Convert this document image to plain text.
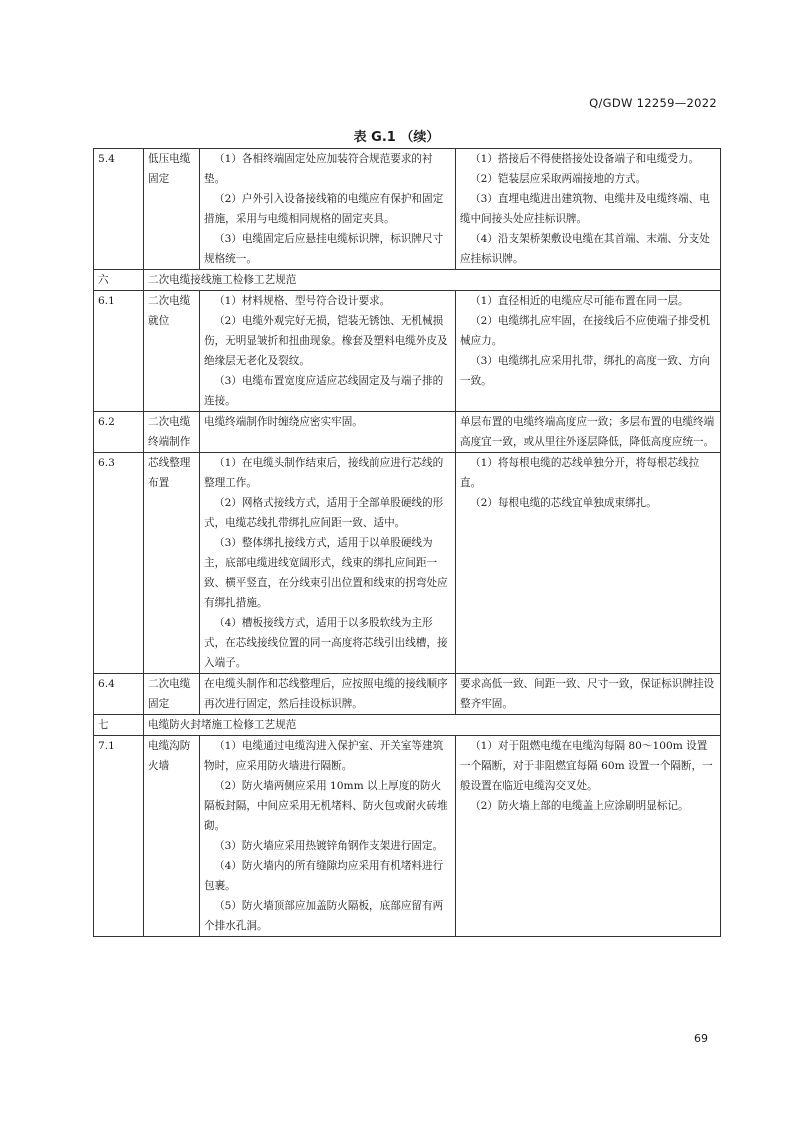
Q/GDW 12259—2022
表 G.1 （续）
5.4	低压电缆固定	（1）各相终端固定处应加装符合规范要求的衬垫。
（2）户外引入设备接线箱的电缆应有保护和固定措施，采用与电缆相同规格的固定夹具。
（3）电缆固定后应悬挂电缆标识牌，标识牌尺寸规格统一。	（1）搭接后不得使搭接处设备端子和电缆受力。
（2）铠装层应采取两端接地的方式。
（3）直埋电缆进出建筑物、电缆井及电缆终端、电缆中间接头处应挂标识牌。
（4）沿支架桥架敷设电缆在其首端、末端、分支处应挂标识牌。

六	二次电缆接线施工检修工艺规范		
6.1	二次电缆就位	（1）材料规格、型号符合设计要求。
（2）电缆外观完好无损，铠装无锈蚀、无机械损伤，无明显皱折和扭曲现象。橡套及塑料电缆外皮及绝缘层无老化及裂纹。
（3）电缆布置宽度应适应芯线固定及与端子排的连接。	（1）直径相近的电缆应尽可能布置在同一层。
（2）电缆绑扎应牢固，在接线后不应使端子排受机械应力。
（3）电缆绑扎应采用扎带，绑扎的高度一致、方向一致。

6.2	二次电缆终端制作	电缆终端制作时缠绕应密实牢固。	单层布置的电缆终端高度应一致；多层布置的电缆终端高度宜一致，或从里往外逐层降低，降低高度应统一。

6.3	芯线整理布置	（1）在电缆头制作结束后，接线前应进行芯线的整理工作。
（2）网格式接线方式，适用于全部单股硬线的形式，电缆芯线扎带绑扎应间距一致、适中。
（3）整体绑扎接线方式，适用于以单股硬线为主，底部电缆进线宽阔形式，线束的绑扎应间距一致、横平竖直，在分线束引出位置和线束的拐弯处应有绑扎措施。
（4）槽板接线方式，适用于以多股软线为主形式，在芯线接线位置的同一高度将芯线引出线槽，接入端子。	（1）将每根电缆的芯线单独分开，将每根芯线拉直。
（2）每根电缆的芯线宜单独成束绑扎。

6.4	二次电缆固定	在电缆头制作和芯线整理后，应按照电缆的接线顺序再次进行固定，然后挂设标识牌。	要求高低一致、间距一致、尺寸一致，保证标识牌挂设整齐牢固。

七	电缆防火封堵施工检修工艺规范		
7.1	电缆沟防火墙	（1）电缆通过电缆沟进入保护室、开关室等建筑物时，应采用防火墙进行隔断。
（2）防火墙两侧应采用 10mm 以上厚度的防火隔板封隔，中间应采用无机堵料、防火包或耐火砖堆砌。
（3）防火墙应采用热镀锌角钢作支架进行固定。
（4）防火墙内的所有缝隙均应采用有机堵料进行包裹。
（5）防火墙顶部应加盖防火隔板，底部应留有两个排水孔洞。	（1）对于阻燃电缆在电缆沟每隔 80～100m 设置一个隔断，对于非阻燃宜每隔 60m 设置一个隔断，一般设置在临近电缆沟交叉处。
（2）防火墙上部的电缆盖上应涂刷明显标记。
69
